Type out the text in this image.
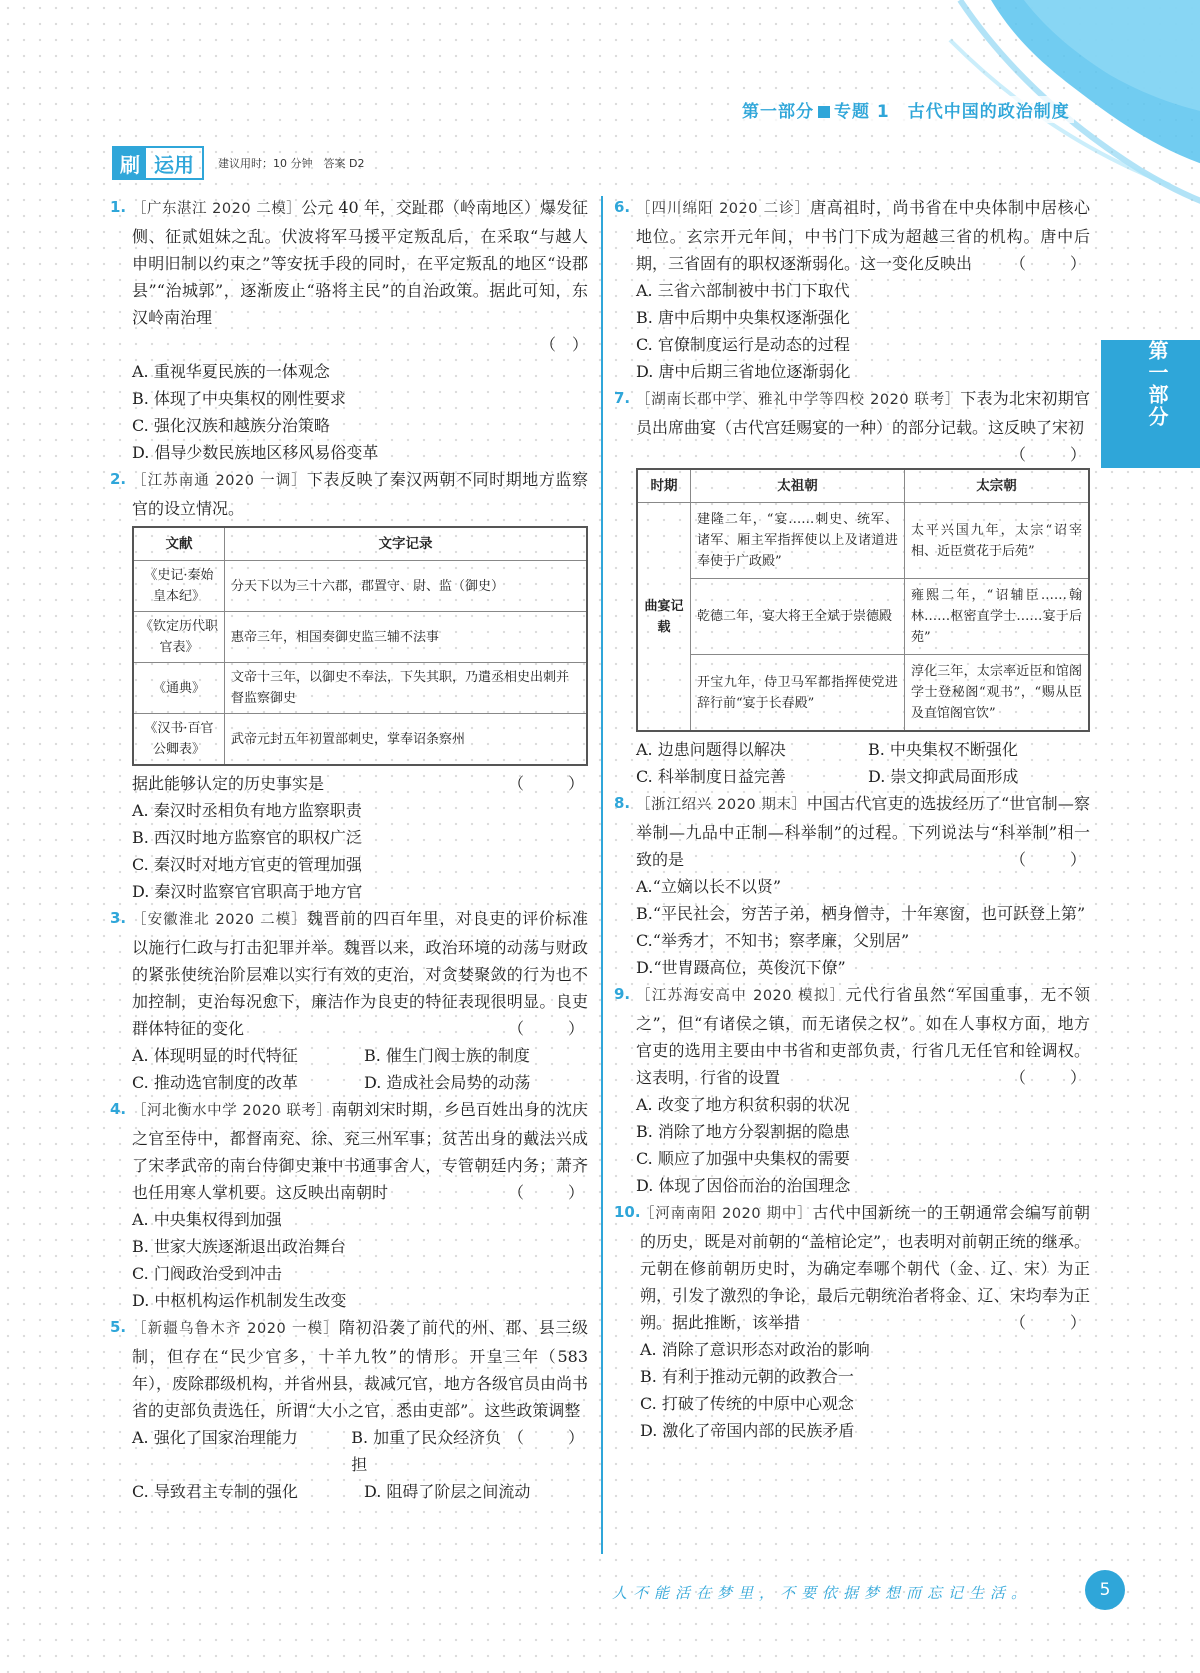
第一部分 专题 1　古代中国的政治制度
刷 运用	建议用时：10 分钟　答案 D2
第一部分
1. ［广东湛江 2020 二模］公元 40 年，交趾郡（岭南地区）爆发征侧、征贰姐妹之乱。伏波将军马援平定叛乱后，在采取“与越人申明旧制以约束之”等安抚手段的同时，在平定叛乱的地区“设郡县”“治城郭”，逐渐废止“骆将主民”的自治政策。据此可知，东汉岭南治理
（　）
A. 重视华夏民族的一体观念
B. 体现了中央集权的刚性要求
C. 强化汉族和越族分治策略
D. 倡导少数民族地区移风易俗变革
2. ［江苏南通 2020 一调］下表反映了秦汉两朝不同时期地方监察官的设立情况。
文献	文字记录
《史记·秦始皇本纪》	分天下以为三十六郡，郡置守、尉、监（御史）
《钦定历代职官表》	惠帝三年，相国奏御史监三辅不法事
《通典》	文帝十三年，以御史不奉法，下失其职，乃遣丞相史出刺并督监察御史
《汉书·百官公卿表》	武帝元封五年初置部刺史，掌奉诏条察州
据此能够认定的历史事实是	（　）
A. 秦汉时丞相负有地方监察职责
B. 西汉时地方监察官的职权广泛
C. 秦汉时对地方官吏的管理加强
D. 秦汉时监察官官职高于地方官
3. ［安徽淮北 2020 二模］魏晋前的四百年里，对良吏的评价标准以施行仁政与打击犯罪并举。魏晋以来，政治环境的动荡与财政的紧张使统治阶层难以实行有效的吏治，对贪婪聚敛的行为也不加控制，吏治每况愈下，廉洁作为良吏的特征表现很明显。良吏群体特征的变化	（　）
A. 体现明显的时代特征	B. 催生门阀士族的制度
C. 推动选官制度的改革	D. 造成社会局势的动荡
4. ［河北衡水中学 2020 联考］南朝刘宋时期，乡邑百姓出身的沈庆之官至侍中，都督南兖、徐、兖三州军事；贫苦出身的戴法兴成了宋孝武帝的南台侍御史兼中书通事舍人，专管朝廷内务；萧齐也任用寒人掌机要。这反映出南朝时	（　）
A. 中央集权得到加强
B. 世家大族逐渐退出政治舞台
C. 门阀政治受到冲击
D. 中枢机构运作机制发生改变
5. ［新疆乌鲁木齐 2020 一模］隋初沿袭了前代的州、郡、县三级制，但存在“民少官多，十羊九牧”的情形。开皇三年（583 年），废除郡级机构，并省州县，裁减冗官，地方各级官员由尚书省的吏部负责选任，所谓“大小之官，悉由吏部”。这些政策调整
（　）
A. 强化了国家治理能力	B. 加重了民众经济负担
C. 导致君主专制的强化	D. 阻碍了阶层之间流动
6. ［四川绵阳 2020 二诊］唐高祖时，尚书省在中央体制中居核心地位。玄宗开元年间，中书门下成为超越三省的机构。唐中后期，三省固有的职权逐渐弱化。这一变化反映出 （　）
A. 三省六部制被中书门下取代
B. 唐中后期中央集权逐渐强化
C. 官僚制度运行是动态的过程
D. 唐中后期三省地位逐渐弱化
7. ［湖南长郡中学、雅礼中学等四校 2020 联考］下表为北宋初期官员出席曲宴（古代宫廷赐宴的一种）的部分记载。这反映了宋初
（　）
时期	太祖朝	太宗朝
曲宴记载	建隆二年，“宴……刺史、统军、诸军、厢主军指挥使以上及诸道进奉使于广政殿”	太平兴国九年，太宗“诏宰相、近臣赏花于后苑”
	乾德二年，宴大将王全斌于崇德殿	雍熙二年，“诏辅臣……翰林……枢密直学士……宴于后苑”
	开宝九年，侍卫马军都指挥使党进辞行前“宴于长春殿”	淳化三年，太宗率近臣和馆阁学士登秘阁“观书”，“赐从臣及直馆阁官饮”
A. 边患问题得以解决	B. 中央集权不断强化
C. 科举制度日益完善	D. 崇文抑武局面形成
8. ［浙江绍兴 2020 期末］中国古代官吏的选拔经历了“世官制—察举制—九品中正制—科举制”的过程。下列说法与“科举制”相一致的是	（　）
A.“立嫡以长不以贤”
B.“平民社会，穷苦子弟，栖身僧寺，十年寒窗，也可跃登上第”
C.“举秀才，不知书；察孝廉，父别居”
D.“世胄蹑高位，英俊沉下僚”
9. ［江苏海安高中 2020 模拟］元代行省虽然“军国重事，无不领之”，但“有诸侯之镇，而无诸侯之权”。如在人事权方面，地方官吏的选用主要由中书省和吏部负责，行省几无任官和铨调权。这表明，行省的设置	（　）
A. 改变了地方积贫积弱的状况
B. 消除了地方分裂割据的隐患
C. 顺应了加强中央集权的需要
D. 体现了因俗而治的治国理念
10. ［河南南阳 2020 期中］古代中国新统一的王朝通常会编写前朝的历史，既是对前朝的“盖棺论定”，也表明对前朝正统的继承。元朝在修前朝历史时，为确定奉哪个朝代（金、辽、宋）为正朔，引发了激烈的争论，最后元朝统治者将金、辽、宋均奉为正朔。据此推断，该举措	（　）
A. 消除了意识形态对政治的影响
B. 有利于推动元朝的政教合一
C. 打破了传统的中原中心观念
D. 激化了帝国内部的民族矛盾
人不能活在梦里，不要依据梦想而忘记生活。	5
